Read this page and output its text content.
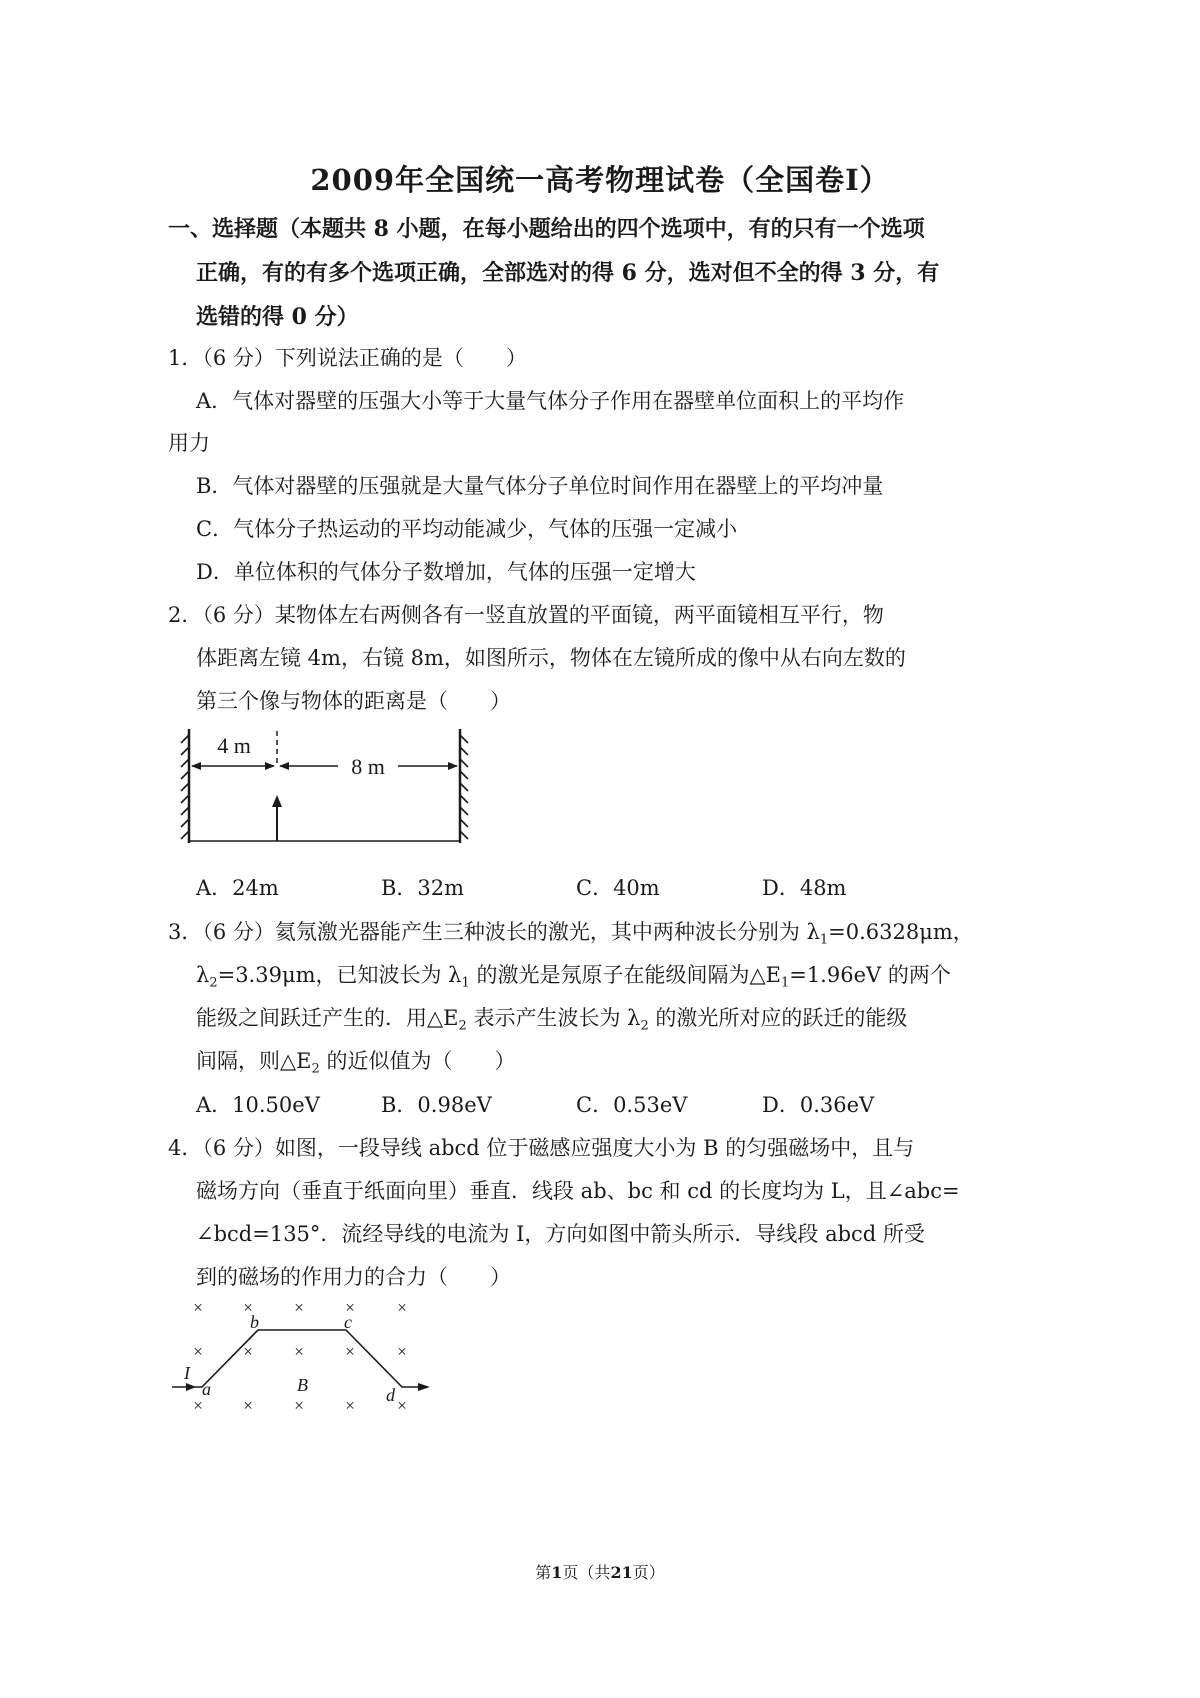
2009年全国统一高考物理试卷（全国卷Ⅰ）
一、选择题（本题共 8 小题，在每小题给出的四个选项中，有的只有一个选项
正确，有的有多个选项正确，全部选对的得 6 分，选对但不全的得 3 分，有
选错的得 0 分）
1．（6 分）下列说法正确的是（　　）
A．气体对器壁的压强大小等于大量气体分子作用在器壁单位面积上的平均作
用力
B．气体对器壁的压强就是大量气体分子单位时间作用在器壁上的平均冲量
C．气体分子热运动的平均动能减少，气体的压强一定减小
D．单位体积的气体分子数增加，气体的压强一定增大
2．（6 分）某物体左右两侧各有一竖直放置的平面镜，两平面镜相互平行，物
体距离左镜 4m，右镜 8m，如图所示，物体在左镜所成的像中从右向左数的
第三个像与物体的距离是（　　）
4 m
8 m
A．24m	B．32m	C．40m	D．48m
3．（6 分）氦氖激光器能产生三种波长的激光，其中两种波长分别为 $\lambda_1=0.6328\mu m$，
$\lambda_2=3.39\mu m$，已知波长为 $\lambda_1$ 的激光是氖原子在能级间隔为$\triangle E_1=1.96eV$ 的两个
能级之间跃迁产生的．用$\triangle E_2$ 表示产生波长为 $\lambda_2$ 的激光所对应的跃迁的能级
间隔，则$\triangle E_2$ 的近似值为（　　）
A．10.50eV	B．0.98eV	C．0.53eV	D．0.36eV
4．（6 分）如图，一段导线 abcd 位于磁感应强度大小为 B 的匀强磁场中，且与
磁场方向（垂直于纸面向里）垂直．线段 ab、bc 和 cd 的长度均为 L，且∠abc=
∠bcd=135°．流经导线的电流为 I，方向如图中箭头所示．导线段 abcd 所受
到的磁场的作用力的合力（　　）
× × × × ×
× × × × ×
× × × × ×
I
a
b	c
d
B
第1页（共21页）
